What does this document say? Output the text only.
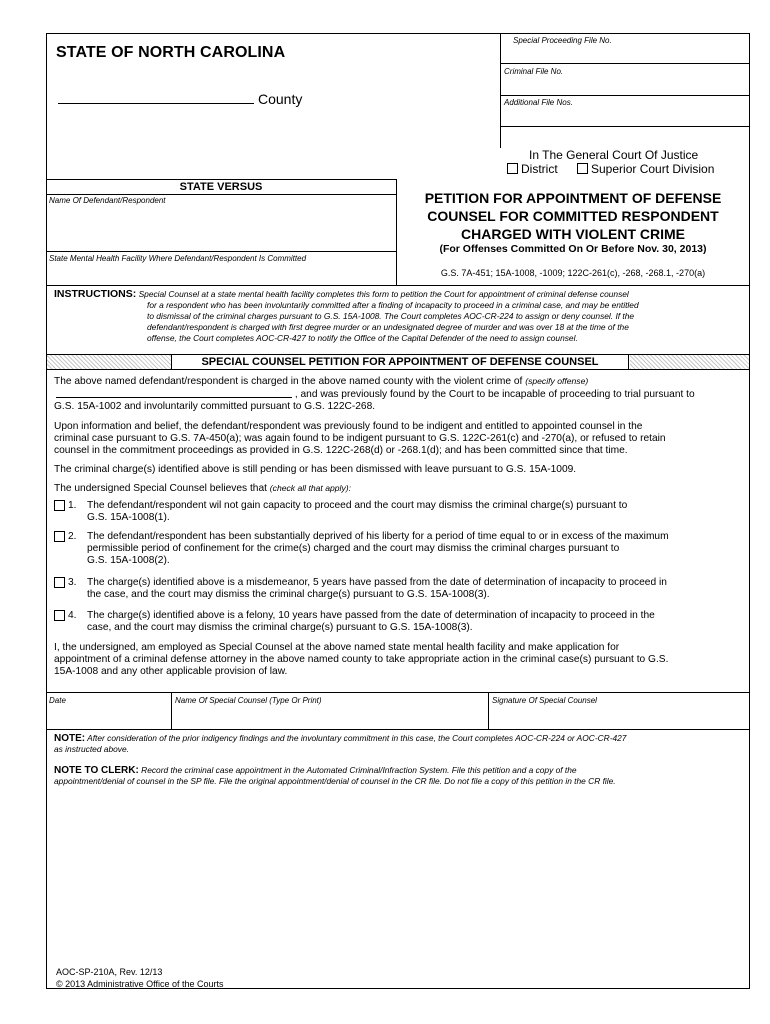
STATE OF NORTH CAROLINA
County
Special Proceeding File No.
Criminal File No.
Additional File Nos.
In The General Court Of Justice
District	Superior Court Division
STATE VERSUS
Name Of Defendant/Respondent
State Mental Health Facility Where Defendant/Respondent Is Committed
PETITION FOR APPOINTMENT OF DEFENSE
COUNSEL FOR COMMITTED RESPONDENT
CHARGED WITH VIOLENT CRIME
(For Offenses Committed On Or Before Nov. 30, 2013)
G.S. 7A-451; 15A-1008, -1009; 122C-261(c), -268, -268.1, -270(a)
INSTRUCTIONS: Special Counsel at a state mental health facility completes this form to petition the Court for appointment of criminal defense counsel
for a respondent who has been involuntarily committed after a finding of incapacity to proceed in a criminal case, and may be entitled
to dismissal of the criminal charges pursuant to G.S. 15A-1008. The Court completes AOC-CR-224 to assign or deny counsel. If the
defendant/respondent is charged with first degree murder or an undesignated degree of murder and was over 18 at the time of the
offense, the Court completes AOC-CR-427 to notify the Office of the Capital Defender of the need to assign counsel.
SPECIAL COUNSEL PETITION FOR APPOINTMENT OF DEFENSE COUNSEL
The above named defendant/respondent is charged in the above named county with the violent crime of (specify offense)
, and was previously found by the Court to be incapable of proceeding to trial pursuant to
G.S. 15A-1002 and involuntarily committed pursuant to G.S. 122C-268.
Upon information and belief, the defendant/respondent was previously found to be indigent and entitled to appointed counsel in the
criminal case pursuant to G.S. 7A-450(a); was again found to be indigent pursuant to G.S. 122C-261(c) and -270(a), or refused to retain
counsel in the commitment proceedings as provided in G.S. 122C-268(d) or -268.1(d); and has been committed since that time.
The criminal charge(s) identified above is still pending or has been dismissed with leave pursuant to G.S. 15A-1009.
The undersigned Special Counsel believes that (check all that apply):
1. The defendant/respondent wil not gain capacity to proceed and the court may dismiss the criminal charge(s) pursuant to
G.S. 15A-1008(1).
2. The defendant/respondent has been substantially deprived of his liberty for a period of time equal to or in excess of the maximum
permissible period of confinement for the crime(s) charged and the court may dismiss the criminal charges pursuant to
G.S. 15A-1008(2).
3. The charge(s) identified above is a misdemeanor, 5 years have passed from the date of determination of incapacity to proceed in
the case, and the court may dismiss the criminal charge(s) pursuant to G.S. 15A-1008(3).
4. The charge(s) identified above is a felony, 10 years have passed from the date of determination of incapacity to proceed in the
case, and the court may dismiss the criminal charge(s) pursuant to G.S. 15A-1008(3).
I, the undersigned, am employed as Special Counsel at the above named state mental health facility and make application for
appointment of a criminal defense attorney in the above named county to take appropriate action in the criminal case(s) pursuant to G.S.
15A-1008 and any other applicable provision of law.
Date	Name Of Special Counsel (Type Or Print)	Signature Of Special Counsel
NOTE: After consideration of the prior indigency findings and the involuntary commitment in this case, the Court completes AOC-CR-224 or AOC-CR-427
as instructed above.
NOTE TO CLERK: Record the criminal case appointment in the Automated Criminal/Infraction System. File this petition and a copy of the
appointment/denial of counsel in the SP file. File the original appointment/denial of counsel in the CR file. Do not file a copy of this petition in the CR file.
AOC-SP-210A, Rev. 12/13
© 2013 Administrative Office of the Courts
